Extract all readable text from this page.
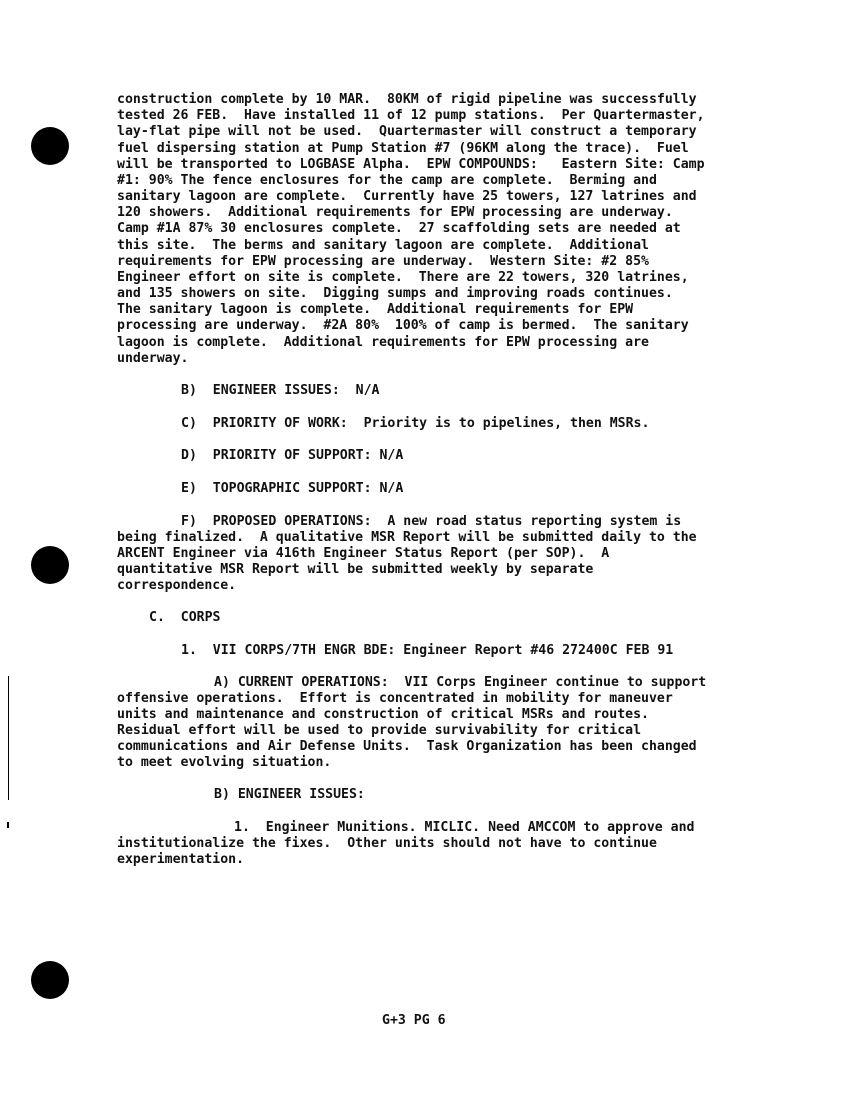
construction complete by 10 MAR.  80KM of rigid pipeline was successfully
tested 26 FEB.  Have installed 11 of 12 pump stations.  Per Quartermaster,
lay-flat pipe will not be used.  Quartermaster will construct a temporary
fuel dispersing station at Pump Station #7 (96KM along the trace).  Fuel
will be transported to LOGBASE Alpha.  EPW COMPOUNDS:   Eastern Site: Camp
#1: 90% The fence enclosures for the camp are complete.  Berming and
sanitary lagoon are complete.  Currently have 25 towers, 127 latrines and
120 showers.  Additional requirements for EPW processing are underway.
Camp #1A 87% 30 enclosures complete.  27 scaffolding sets are needed at
this site.  The berms and sanitary lagoon are complete.  Additional
requirements for EPW processing are underway.  Western Site: #2 85%
Engineer effort on site is complete.  There are 22 towers, 320 latrines,
and 135 showers on site.  Digging sumps and improving roads continues.
The sanitary lagoon is complete.  Additional requirements for EPW
processing are underway.  #2A 80%  100% of camp is bermed.  The sanitary
lagoon is complete.  Additional requirements for EPW processing are
underway.
B)  ENGINEER ISSUES:  N/A
C)  PRIORITY OF WORK:  Priority is to pipelines, then MSRs.
D)  PRIORITY OF SUPPORT: N/A
E)  TOPOGRAPHIC SUPPORT: N/A
F)  PROPOSED OPERATIONS:  A new road status reporting system is
being finalized.  A qualitative MSR Report will be submitted daily to the
ARCENT Engineer via 416th Engineer Status Report (per SOP).  A
quantitative MSR Report will be submitted weekly by separate
correspondence.
C.  CORPS
1.  VII CORPS/7TH ENGR BDE: Engineer Report #46 272400C FEB 91
A) CURRENT OPERATIONS:  VII Corps Engineer continue to support
offensive operations.  Effort is concentrated in mobility for maneuver
units and maintenance and construction of critical MSRs and routes.
Residual effort will be used to provide survivability for critical
communications and Air Defense Units.  Task Organization has been changed
to meet evolving situation.
B) ENGINEER ISSUES:
1.  Engineer Munitions. MICLIC. Need AMCCOM to approve and
institutionalize the fixes.  Other units should not have to continue
experimentation.
G+3 PG 6
